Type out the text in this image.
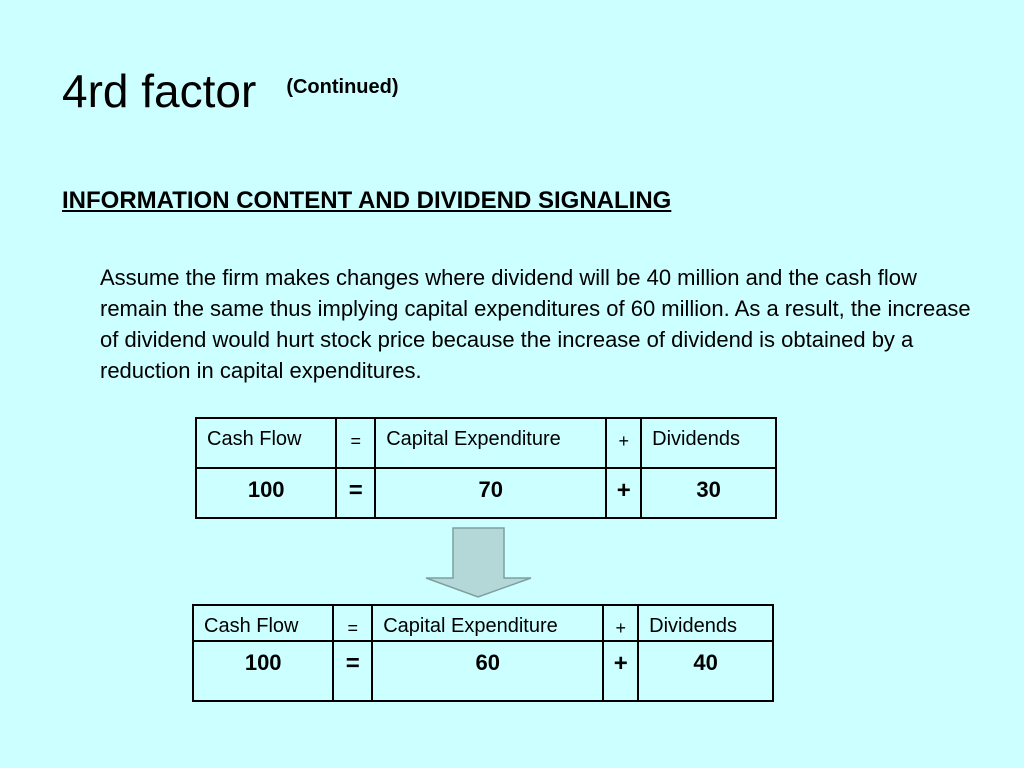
4rd factor $^{(Continued)}$
INFORMATION CONTENT AND DIVIDEND SIGNALING

Assume the firm makes changes where dividend will be 40 million and the cash flow remain the same thus implying capital expenditures of 60 million. As a result, the increase of dividend would hurt stock price because the increase of dividend is obtained by a reduction in capital expenditures.

Cash Flow	=	Capital Expenditure	+	Dividends
100	=	70	+	30
Cash Flow	=	Capital Expenditure	+	Dividends
100	=	60	+	40
